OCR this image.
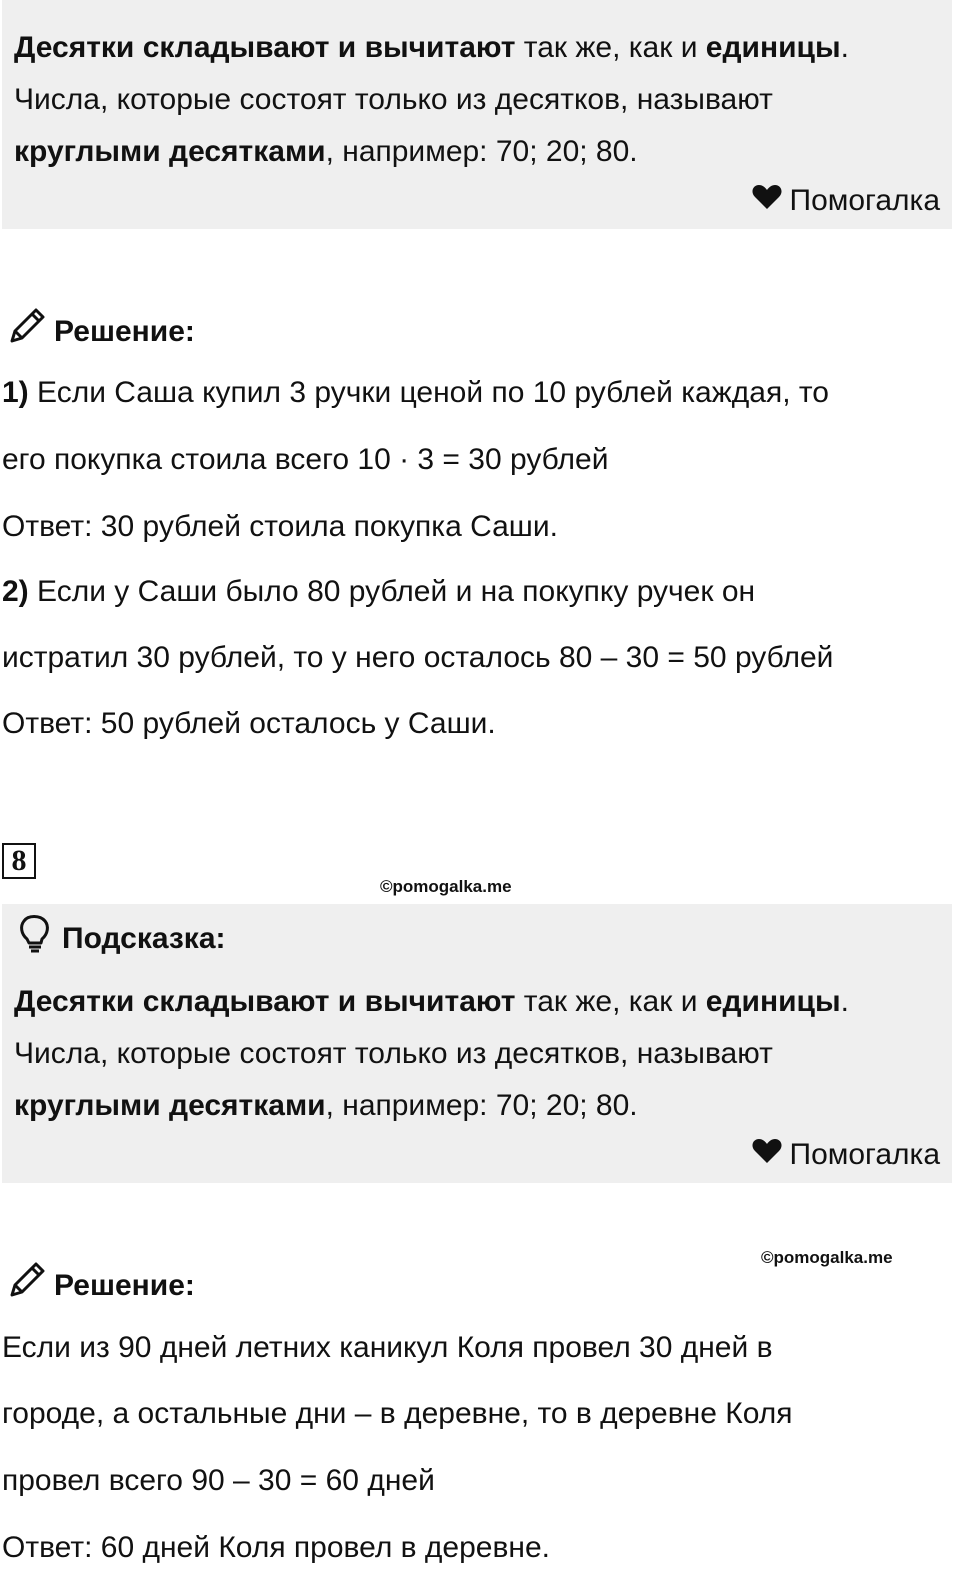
Десятки складывают и вычитают так же, как и единицы.

Числа, которые состоят только из десятков, называют

круглыми десятками, например: 70; 20; 80.

Помогалка
Решение:
1) Если Саша купил 3 ручки ценой по 10 рублей каждая, то
его покупка стоила всего 10 · 3 = 30 рублей
Ответ: 30 рублей стоила покупка Саши.
2) Если у Саши было 80 рублей и на покупку ручек он
истратил 30 рублей, то у него осталось 80 – 30 = 50 рублей
Ответ: 50 рублей осталось у Саши.
8
©pomogalka.me
Подсказка:

Десятки складывают и вычитают так же, как и единицы.

Числа, которые состоят только из десятков, называют

круглыми десятками, например: 70; 20; 80.

Помогалка
©pomogalka.me
Решение:
Если из 90 дней летних каникул Коля провел 30 дней в
городе, а остальные дни – в деревне, то в деревне Коля
провел всего 90 – 30 = 60 дней
Ответ: 60 дней Коля провел в деревне.
